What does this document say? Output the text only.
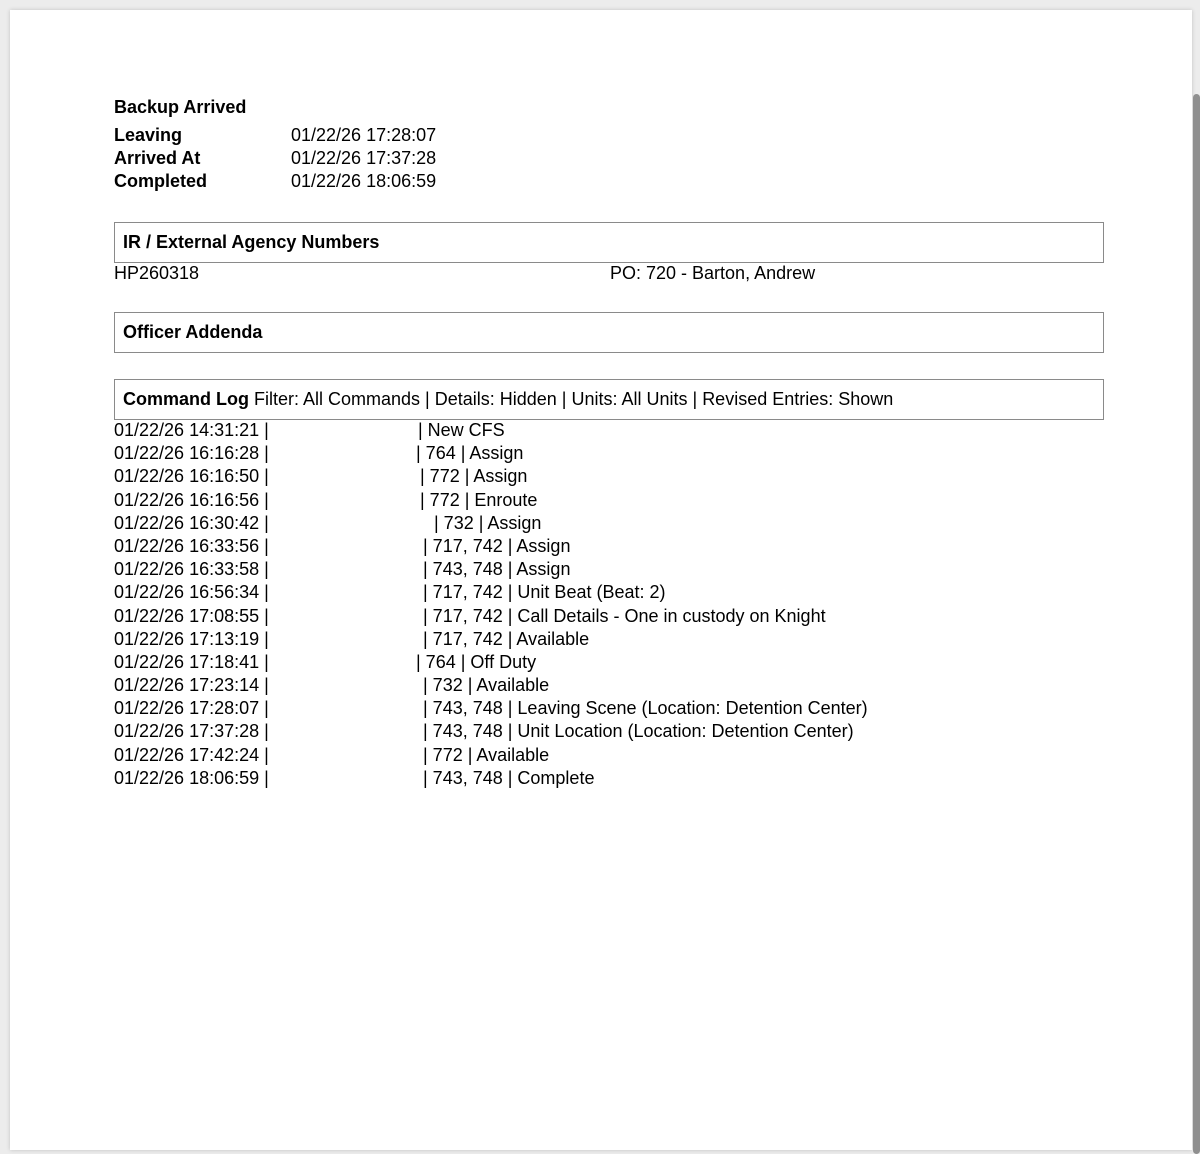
Backup Arrived
Leaving	01/22/26 17:28:07
Arrived At	01/22/26 17:37:28
Completed	01/22/26 18:06:59
IR / External Agency Numbers
HP260318	PO: 720 - Barton, Andrew
Officer Addenda
Command Log Filter: All Commands | Details: Hidden | Units: All Units | Revised Entries: Shown
01/22/26 14:31:21 |	| New CFS
01/22/26 16:16:28 |	| 764 | Assign
01/22/26 16:16:50 |	| 772 | Assign
01/22/26 16:16:56 |	| 772 | Enroute
01/22/26 16:30:42 |	| 732 | Assign
01/22/26 16:33:56 |	| 717, 742 | Assign
01/22/26 16:33:58 |	| 743, 748 | Assign
01/22/26 16:56:34 |	| 717, 742 | Unit Beat (Beat: 2)
01/22/26 17:08:55 |	| 717, 742 | Call Details - One in custody on Knight
01/22/26 17:13:19 |	| 717, 742 | Available
01/22/26 17:18:41 |	| 764 | Off Duty
01/22/26 17:23:14 |	| 732 | Available
01/22/26 17:28:07 |	| 743, 748 | Leaving Scene (Location: Detention Center)
01/22/26 17:37:28 |	| 743, 748 | Unit Location (Location: Detention Center)
01/22/26 17:42:24 |	| 772 | Available
01/22/26 18:06:59 |	| 743, 748 | Complete
